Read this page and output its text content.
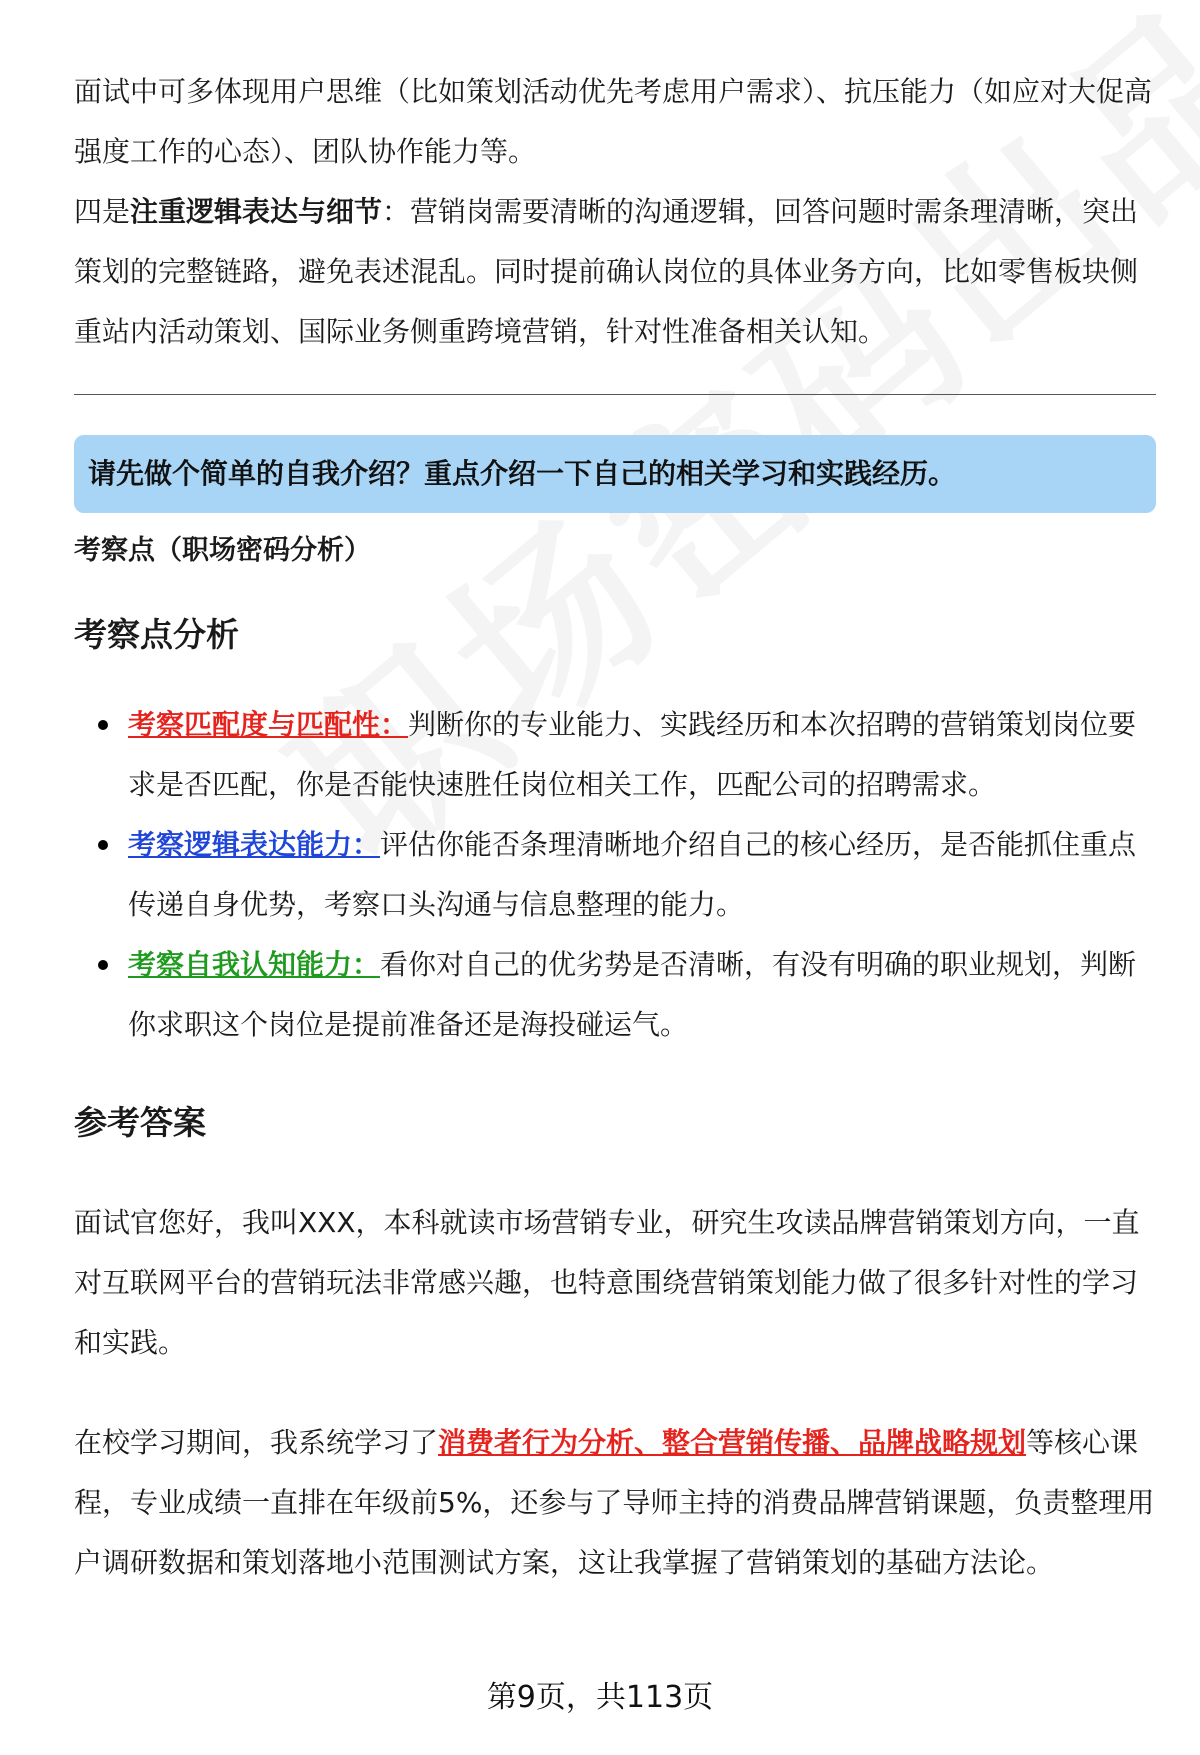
面试中可多体现用户思维（比如策划活动优先考虑用户需求）、抗压能力（如应对大促高强度工作的心态）、团队协作能力等。

四是注重逻辑表达与细节：营销岗需要清晰的沟通逻辑，回答问题时需条理清晰，突出策划的完整链路，避免表述混乱。同时提前确认岗位的具体业务方向，比如零售板块侧重站内活动策划、国际业务侧重跨境营销，针对性准备相关认知。

请先做个简单的自我介绍？重点介绍一下自己的相关学习和实践经历。
考察点（职场密码分析）
考察点分析
考察匹配度与匹配性：判断你的专业能力、实践经历和本次招聘的营销策划岗位要求是否匹配，你是否能快速胜任岗位相关工作，匹配公司的招聘需求。
考察逻辑表达能力：评估你能否条理清晰地介绍自己的核心经历，是否能抓住重点传递自身优势，考察口头沟通与信息整理的能力。
考察自我认知能力：看你对自己的优劣势是否清晰，有没有明确的职业规划，判断你求职这个岗位是提前准备还是海投碰运气。
参考答案

面试官您好，我叫XXX，本科就读市场营销专业，研究生攻读品牌营销策划方向，一直对互联网平台的营销玩法非常感兴趣，也特意围绕营销策划能力做了很多针对性的学习和实践。

在校学习期间，我系统学习了消费者行为分析、整合营销传播、品牌战略规划等核心课程，专业成绩一直排在年级前5%，还参与了导师主持的消费品牌营销课题，负责整理用户调研数据和策划落地小范围测试方案，这让我掌握了营销策划的基础方法论。

第9页，共113页
